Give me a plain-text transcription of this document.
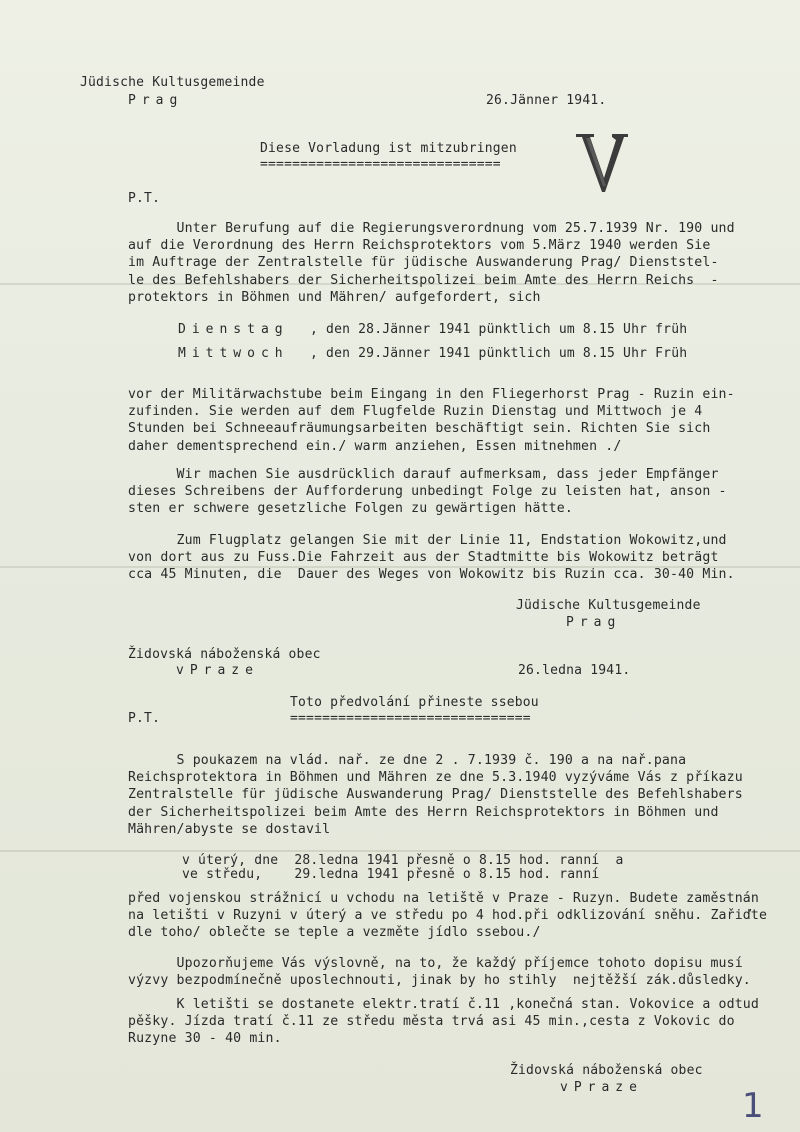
Jüdische Kultusgemeinde
Prag	26.Jänner 1941.
Diese Vorladung ist mitzubringen
==============================
P.T.
Unter Berufung auf die Regierungsverordnung vom 25.7.1939 Nr. 190 und
auf die Verordnung des Herrn Reichsprotektors vom 5.März 1940 werden Sie
im Auftrage der Zentralstelle für jüdische Auswanderung Prag/ Dienststel-
le des Befehlshabers der Sicherheitspolizei beim Amte des Herrn Reichs  -
protektors in Böhmen und Mähren/ aufgefordert, sich
Dienstag , den 28.Jänner 1941 pünktlich um 8.15 Uhr früh
Mittwoch , den 29.Jänner 1941 pünktlich um 8.15 Uhr Früh
vor der Militärwachstube beim Eingang in den Fliegerhorst Prag - Ruzin ein-
zufinden. Sie werden auf dem Flugfelde Ruzin Dienstag und Mittwoch je 4
Stunden bei Schneeaufräumungsarbeiten beschäftigt sein. Richten Sie sich
daher dementsprechend ein./ warm anziehen, Essen mitnehmen ./
Wir machen Sie ausdrücklich darauf aufmerksam, dass jeder Empfänger
dieses Schreibens der Aufforderung unbedingt Folge zu leisten hat, anson -
sten er schwere gesetzliche Folgen zu gewärtigen hätte.
Zum Flugplatz gelangen Sie mit der Linie 11, Endstation Wokowitz,und
von dort aus zu Fuss.Die Fahrzeit aus der Stadtmitte bis Wokowitz beträgt
cca 45 Minuten, die  Dauer des Weges von Wokowitz bis Ruzin cca. 30-40 Min.
Jüdische Kultusgemeinde
Prag
Židovská náboženská obec
vPraze	26.ledna 1941.
Toto předvolání přineste ssebou
==============================
P.T.
S poukazem na vlád. nař. ze dne 2 . 7.1939 č. 190 a na nař.pana
Reichsprotektora in Böhmen und Mähren ze dne 5.3.1940 vyzýváme Vás z příkazu
Zentralstelle für jüdische Auswanderung Prag/ Dienststelle des Befehlshabers
der Sicherheitspolizei beim Amte des Herrn Reichsprotektors in Böhmen und
Mähren/abyste se dostavil
v úterý, dne  28.ledna 1941 přesně o 8.15 hod. ranní  a
ve středu,    29.ledna 1941 přesně o 8.15 hod. ranní
před vojenskou strážnicí u vchodu na letiště v Praze - Ruzyn. Budete zaměstnán
na letišti v Ruzyni v úterý a ve středu po 4 hod.při odklizování sněhu. Zařiďte
dle toho/ oblečte se teple a vezměte jídlo ssebou./
Upozorňujeme Vás výslovně, na to, že každý příjemce tohoto dopisu musí
výzvy bezpodmínečně uposlechnouti, jinak by ho stihly  nejtěžší zák.důsledky.
K letišti se dostanete elektr.tratí č.11 ,konečná stan. Vokovice a odtud
pěšky. Jízda tratí č.11 ze středu města trvá asi 45 min.,cesta z Vokovic do
Ruzyne 30 - 40 min.
Židovská náboženská obec
vPraze	1
